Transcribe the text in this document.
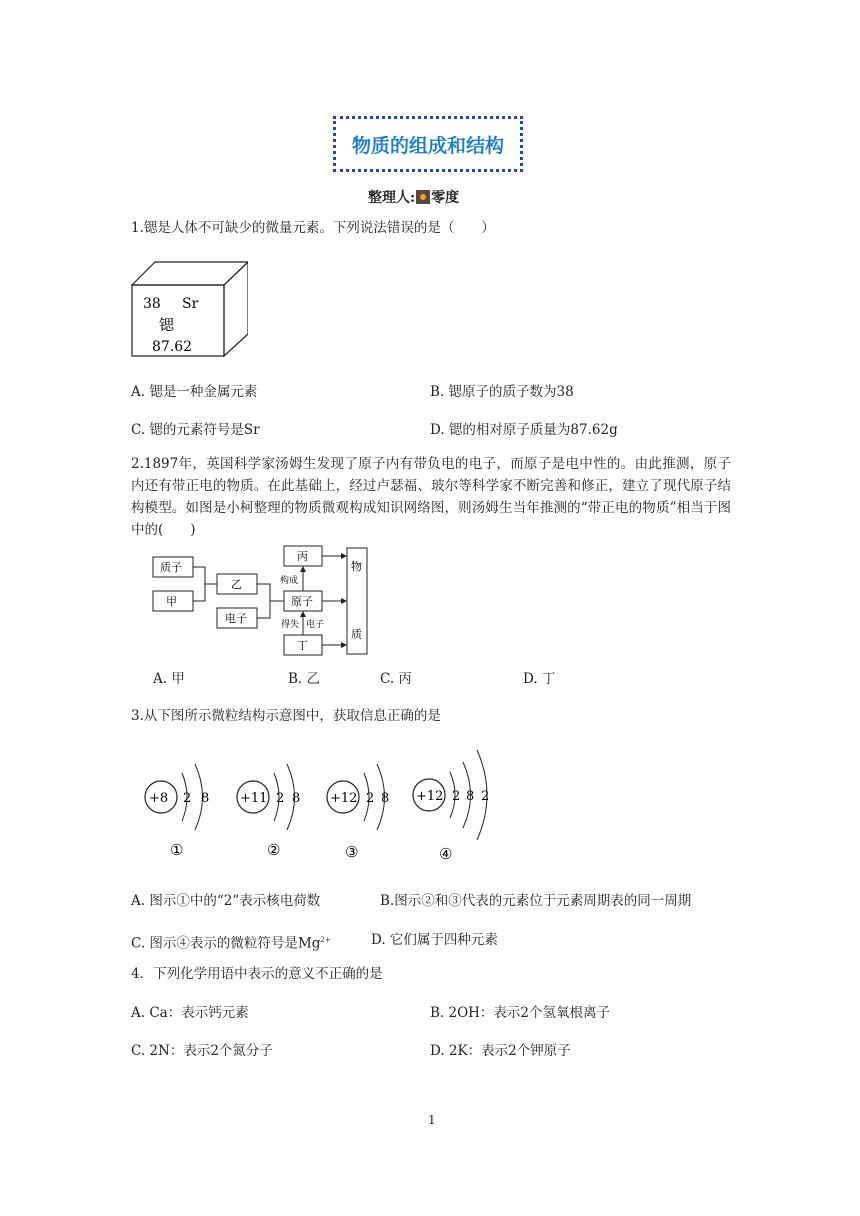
物质的组成和结构
整理人: 零度
1.锶是人体不可缺少的微量元素。下列说法错误的是（　　）
38 Sr
锶
87.62
A. 锶是一种金属元素	B. 锶原子的质子数为38
C. 锶的元素符号是Sr	D. 锶的相对原子质量为87.62g
2.1897年，英国科学家汤姆生发现了原子内有带负电的电子，而原子是电中性的。由此推测，原子内还有带正电的物质。在此基础上，经过卢瑟福、玻尔等科学家不断完善和修正，建立了现代原子结构模型。如图是小柯整理的物质微观构成知识网络图，则汤姆生当年推测的“带正电的物质”相当于图中的(　　)
质子
甲
乙
电子
丙
原子
丁
构成
得失 电子
物
质
A. 甲	B. 乙	C. 丙	D. 丁
3.从下图所示微粒结构示意图中，获取信息正确的是
+8 2 8
①
+11 2 8
②
+12 2 8
③
+12 2 8 2
④
A. 图示①中的“2”表示核电荷数	B.图示②和③代表的元素位于元素周期表的同一周期
C. 图示④表示的微粒符号是$Mg^{2+}$	D. 它们属于四种元素
4．下列化学用语中表示的意义不正确的是
A. Ca：表示钙元素	B. 2OH：表示2个氢氧根离子
C. 2N：表示2个氮分子	D. 2K：表示2个钾原子
1
